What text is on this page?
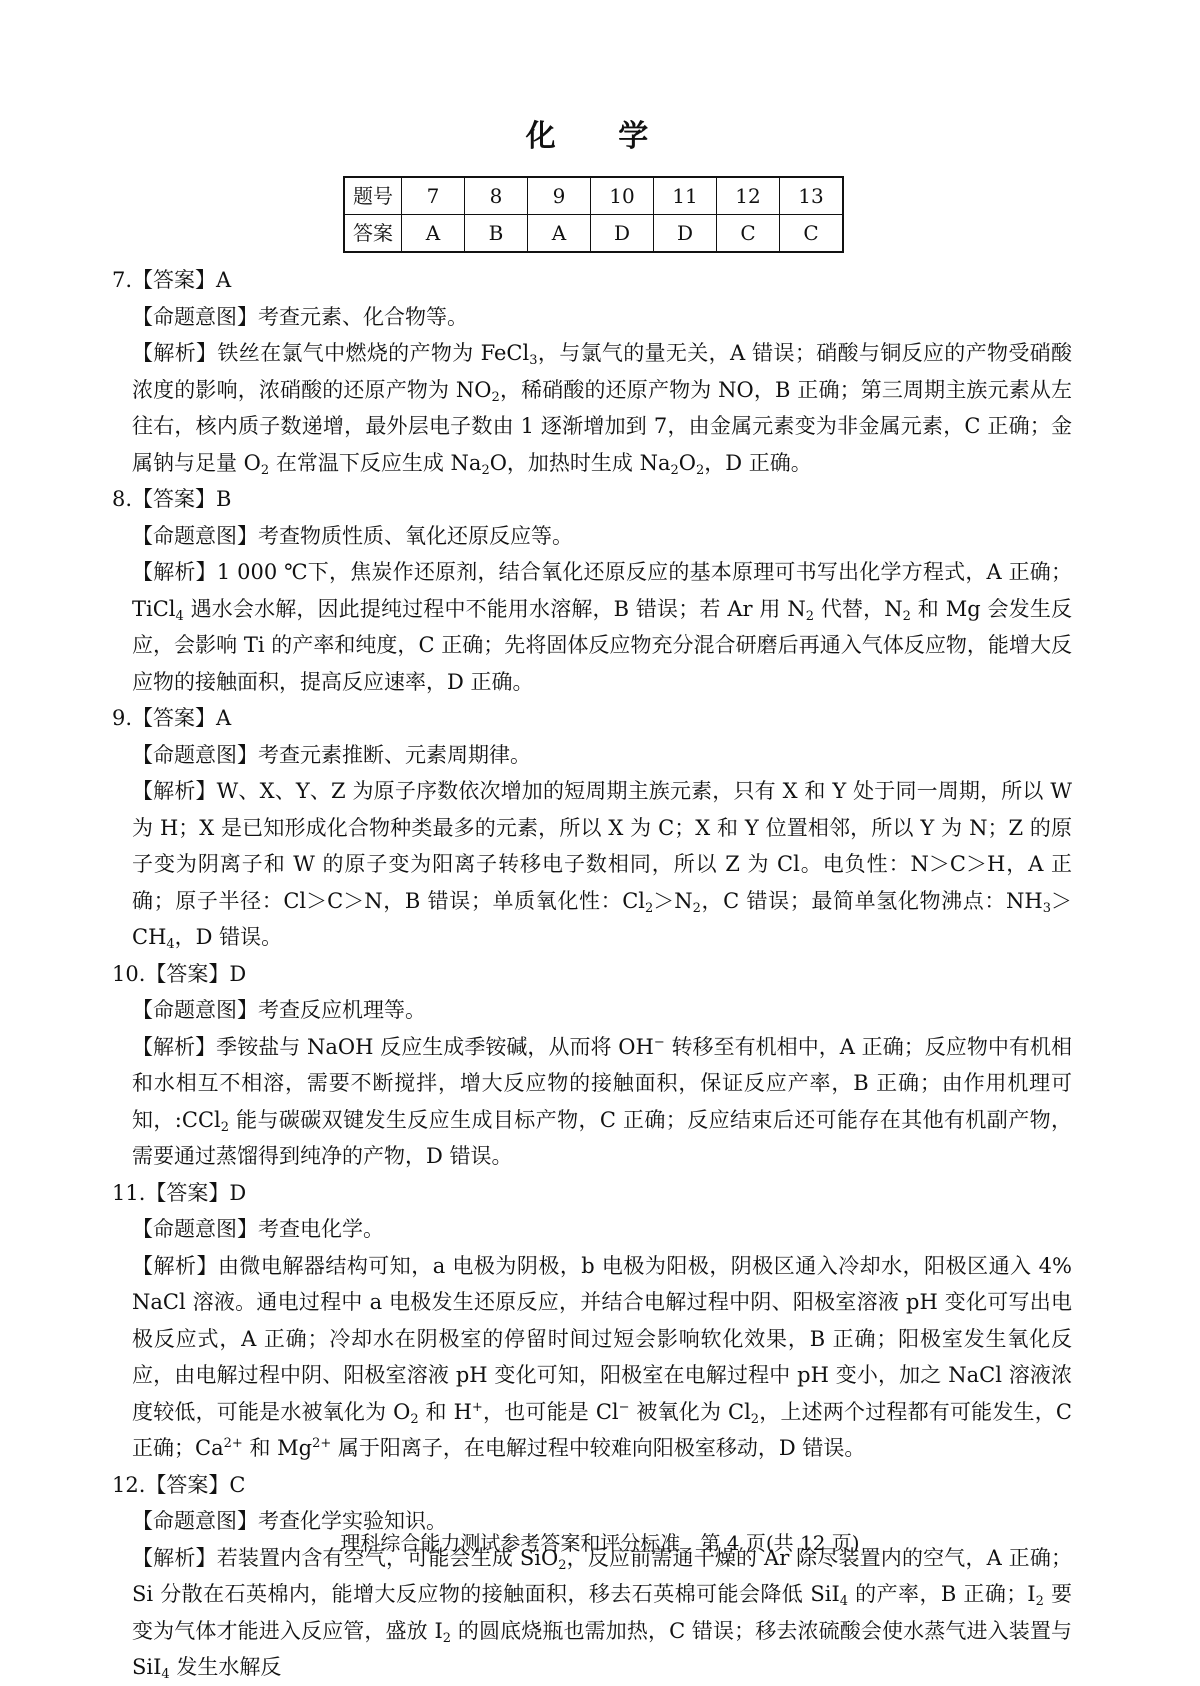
化 学
题号	7	8	9	10	11	12	13
答案	A	B	A	D	D	C	C

7.【答案】A

【命题意图】考查元素、化合物等。

【解析】铁丝在氯气中燃烧的产物为 FeCl$_3$，与氯气的量无关，A 错误；硝酸与铜反应的产物受硝酸浓度的影响，浓硝酸的还原产物为 $NO_2$，稀硝酸的还原产物为 NO，B 正确；第三周期主族元素从左往右，核内质子数递增，最外层电子数由 1 逐渐增加到 7，由金属元素变为非金属元素，C 正确；金属钠与足量 $O_2$ 在常温下反应生成 $Na_2O$，加热时生成 $Na_2O_2$，D 正确。

8.【答案】B

【命题意图】考查物质性质、氧化还原反应等。

【解析】1 000 ℃下，焦炭作还原剂，结合氧化还原反应的基本原理可书写出化学方程式，A 正确；TiCl$_4$ 遇水会水解，因此提纯过程中不能用水溶解，B 错误；若 Ar 用 $N_2$ 代替，$N_2$ 和 Mg 会发生反应，会影响 Ti 的产率和纯度，C 正确；先将固体反应物充分混合研磨后再通入气体反应物，能增大反应物的接触面积，提高反应速率，D 正确。

9.【答案】A

【命题意图】考查元素推断、元素周期律。

【解析】W、X、Y、Z 为原子序数依次增加的短周期主族元素，只有 X 和 Y 处于同一周期，所以 W 为 H；X 是已知形成化合物种类最多的元素，所以 X 为 C；X 和 Y 位置相邻，所以 Y 为 N；Z 的原子变为阴离子和 W 的原子变为阳离子转移电子数相同，所以 Z 为 Cl。电负性：N＞C＞H，A 正确；原子半径：Cl＞C＞N，B 错误；单质氧化性：$Cl_2>N_2$，C 错误；最简单氢化物沸点：$NH_3>CH_4$，D 错误。

10.【答案】D

【命题意图】考查反应机理等。

【解析】季铵盐与 NaOH 反应生成季铵碱，从而将 OH− 转移至有机相中，A 正确；反应物中有机相和水相互不相溶，需要不断搅拌，增大反应物的接触面积，保证反应产率，B 正确；由作用机理可知，:CCl$_2$ 能与碳碳双键发生反应生成目标产物，C 正确；反应结束后还可能存在其他有机副产物，需要通过蒸馏得到纯净的产物，D 错误。

11.【答案】D

【命题意图】考查电化学。

【解析】由微电解器结构可知，a 电极为阴极，b 电极为阳极，阴极区通入冷却水，阳极区通入 4% NaCl 溶液。通电过程中 a 电极发生还原反应，并结合电解过程中阴、阳极室溶液 pH 变化可写出电极反应式，A 正确；冷却水在阴极室的停留时间过短会影响软化效果，B 正确；阳极室发生氧化反应，由电解过程中阴、阳极室溶液 pH 变化可知，阳极室在电解过程中 pH 变小，加之 NaCl 溶液浓度较低，可能是水被氧化为 $O_2$ 和 H+，也可能是 Cl− 被氧化为 $Cl_2$，上述两个过程都有可能发生，C 正确；$Ca^{2+}$ 和 $Mg^{2+}$ 属于阳离子，在电解过程中较难向阳极室移动，D 错误。

12.【答案】C

【命题意图】考查化学实验知识。

【解析】若装置内含有空气，可能会生成 SiO$_2$，反应前需通干燥的 Ar 除尽装置内的空气，A 正确；Si 分散在石英棉内，能增大反应物的接触面积，移去石英棉可能会降低 SiI$_4$ 的产率，B 正确；$I_2$ 要变为气体才能进入反应管，盛放 $I_2$ 的圆底烧瓶也需加热，C 错误；移去浓硫酸会使水蒸气进入装置与 SiI$_4$ 发生水解反

理科综合能力测试参考答案和评分标准　第 4 页(共 12 页)
